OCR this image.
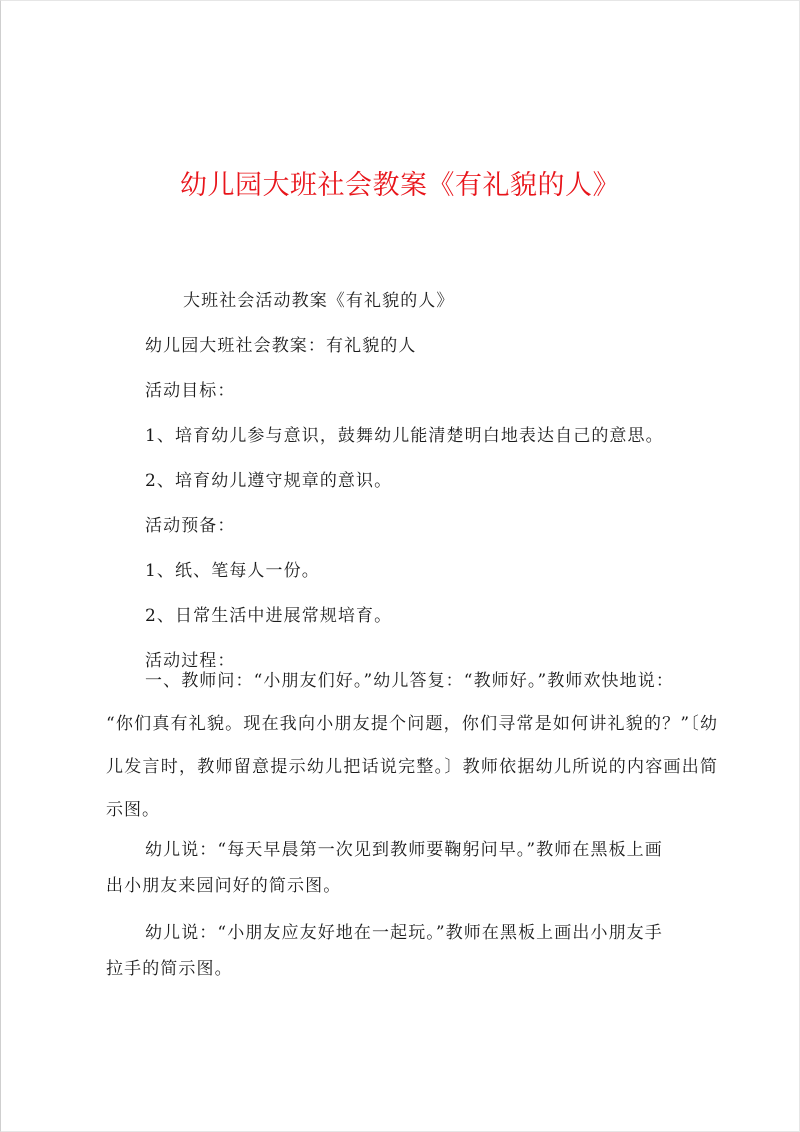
幼儿园大班社会教案《有礼貌的人》

大班社会活动教案《有礼貌的人》

幼儿园大班社会教案：有礼貌的人

活动目标：

1、培育幼儿参与意识，鼓舞幼儿能清楚明白地表达自己的意思。

2、培育幼儿遵守规章的意识。

活动预备：

1、纸、笔每人一份。

2、日常生活中进展常规培育。

活动过程：

一、教师问：“小朋友们好。”幼儿答复：“教师好。”教师欢快地说：
“你们真有礼貌。现在我向小朋友提个问题，你们寻常是如何讲礼貌的？”〔幼儿发言时，教师留意提示幼儿把话说完整。〕教师依据幼儿所说的内容画出简示图。
幼儿说：“每天早晨第一次见到教师要鞠躬问早。”教师在黑板上画
出小朋友来园问好的简示图。
幼儿说：“小朋友应友好地在一起玩。”教师在黑板上画出小朋友手
拉手的简示图。
